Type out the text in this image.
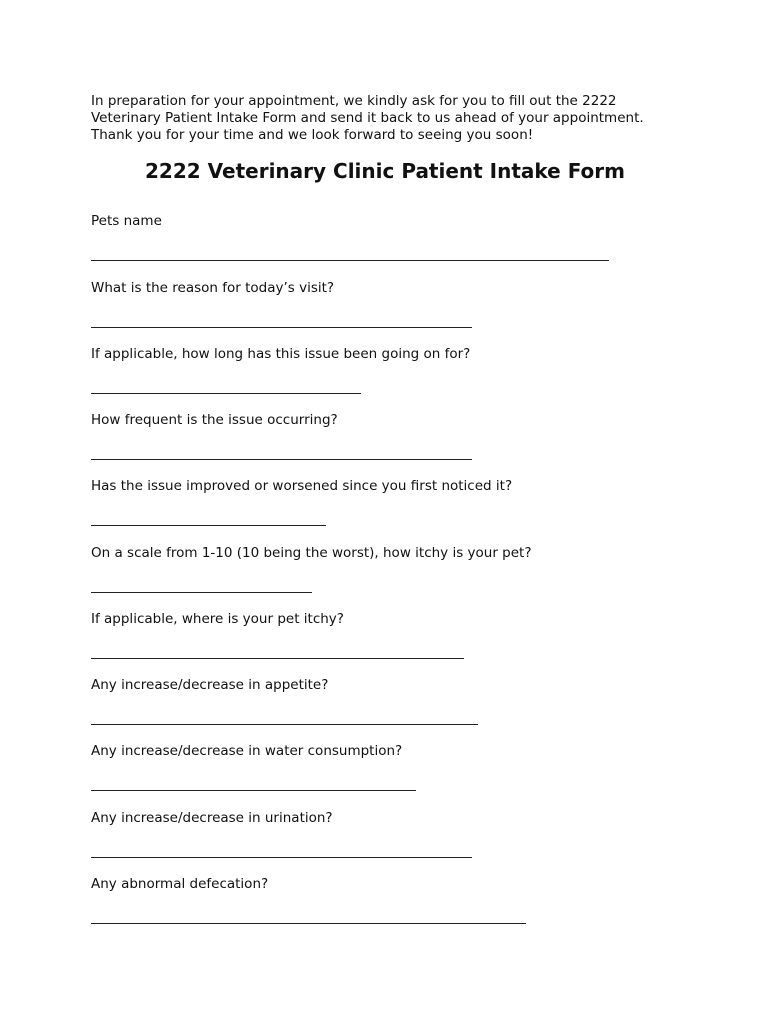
In preparation for your appointment, we kindly ask for you to fill out the 2222
Veterinary Patient Intake Form and send it back to us ahead of your appointment.
Thank you for your time and we look forward to seeing you soon!
2222 Veterinary Clinic Patient Intake Form

Pets name

What is the reason for today’s visit?

If applicable, how long has this issue been going on for?

How frequent is the issue occurring?

Has the issue improved or worsened since you first noticed it?

On a scale from 1-10 (10 being the worst), how itchy is your pet?

If applicable, where is your pet itchy?

Any increase/decrease in appetite?

Any increase/decrease in water consumption?

Any increase/decrease in urination?

Any abnormal defecation?
